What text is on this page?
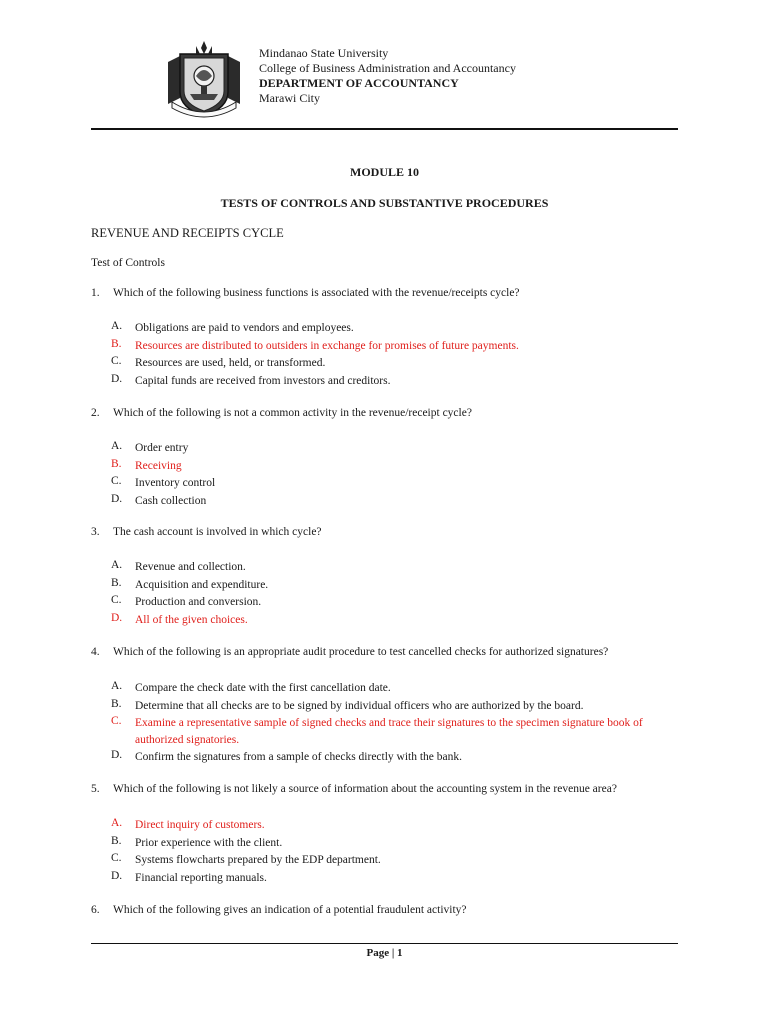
Mindanao State University
College of Business Administration and Accountancy
DEPARTMENT OF ACCOUNTANCY
Marawi City
MODULE 10
TESTS OF CONTROLS AND SUBSTANTIVE PROCEDURES
REVENUE AND RECEIPTS CYCLE
Test of Controls
1. Which of the following business functions is associated with the revenue/receipts cycle?
A. Obligations are paid to vendors and employees.
B. Resources are distributed to outsiders in exchange for promises of future payments.
C. Resources are used, held, or transformed.
D. Capital funds are received from investors and creditors.
2. Which of the following is not a common activity in the revenue/receipt cycle?
A. Order entry
B. Receiving
C. Inventory control
D. Cash collection
3. The cash account is involved in which cycle?
A. Revenue and collection.
B. Acquisition and expenditure.
C. Production and conversion.
D. All of the given choices.
4. Which of the following is an appropriate audit procedure to test cancelled checks for authorized signatures?
A. Compare the check date with the first cancellation date.
B. Determine that all checks are to be signed by individual officers who are authorized by the board.
C. Examine a representative sample of signed checks and trace their signatures to the specimen signature book of authorized signatories.
D. Confirm the signatures from a sample of checks directly with the bank.
5. Which of the following is not likely a source of information about the accounting system in the revenue area?
A. Direct inquiry of customers.
B. Prior experience with the client.
C. Systems flowcharts prepared by the EDP department.
D. Financial reporting manuals.
6. Which of the following gives an indication of a potential fraudulent activity?
Page | 1
